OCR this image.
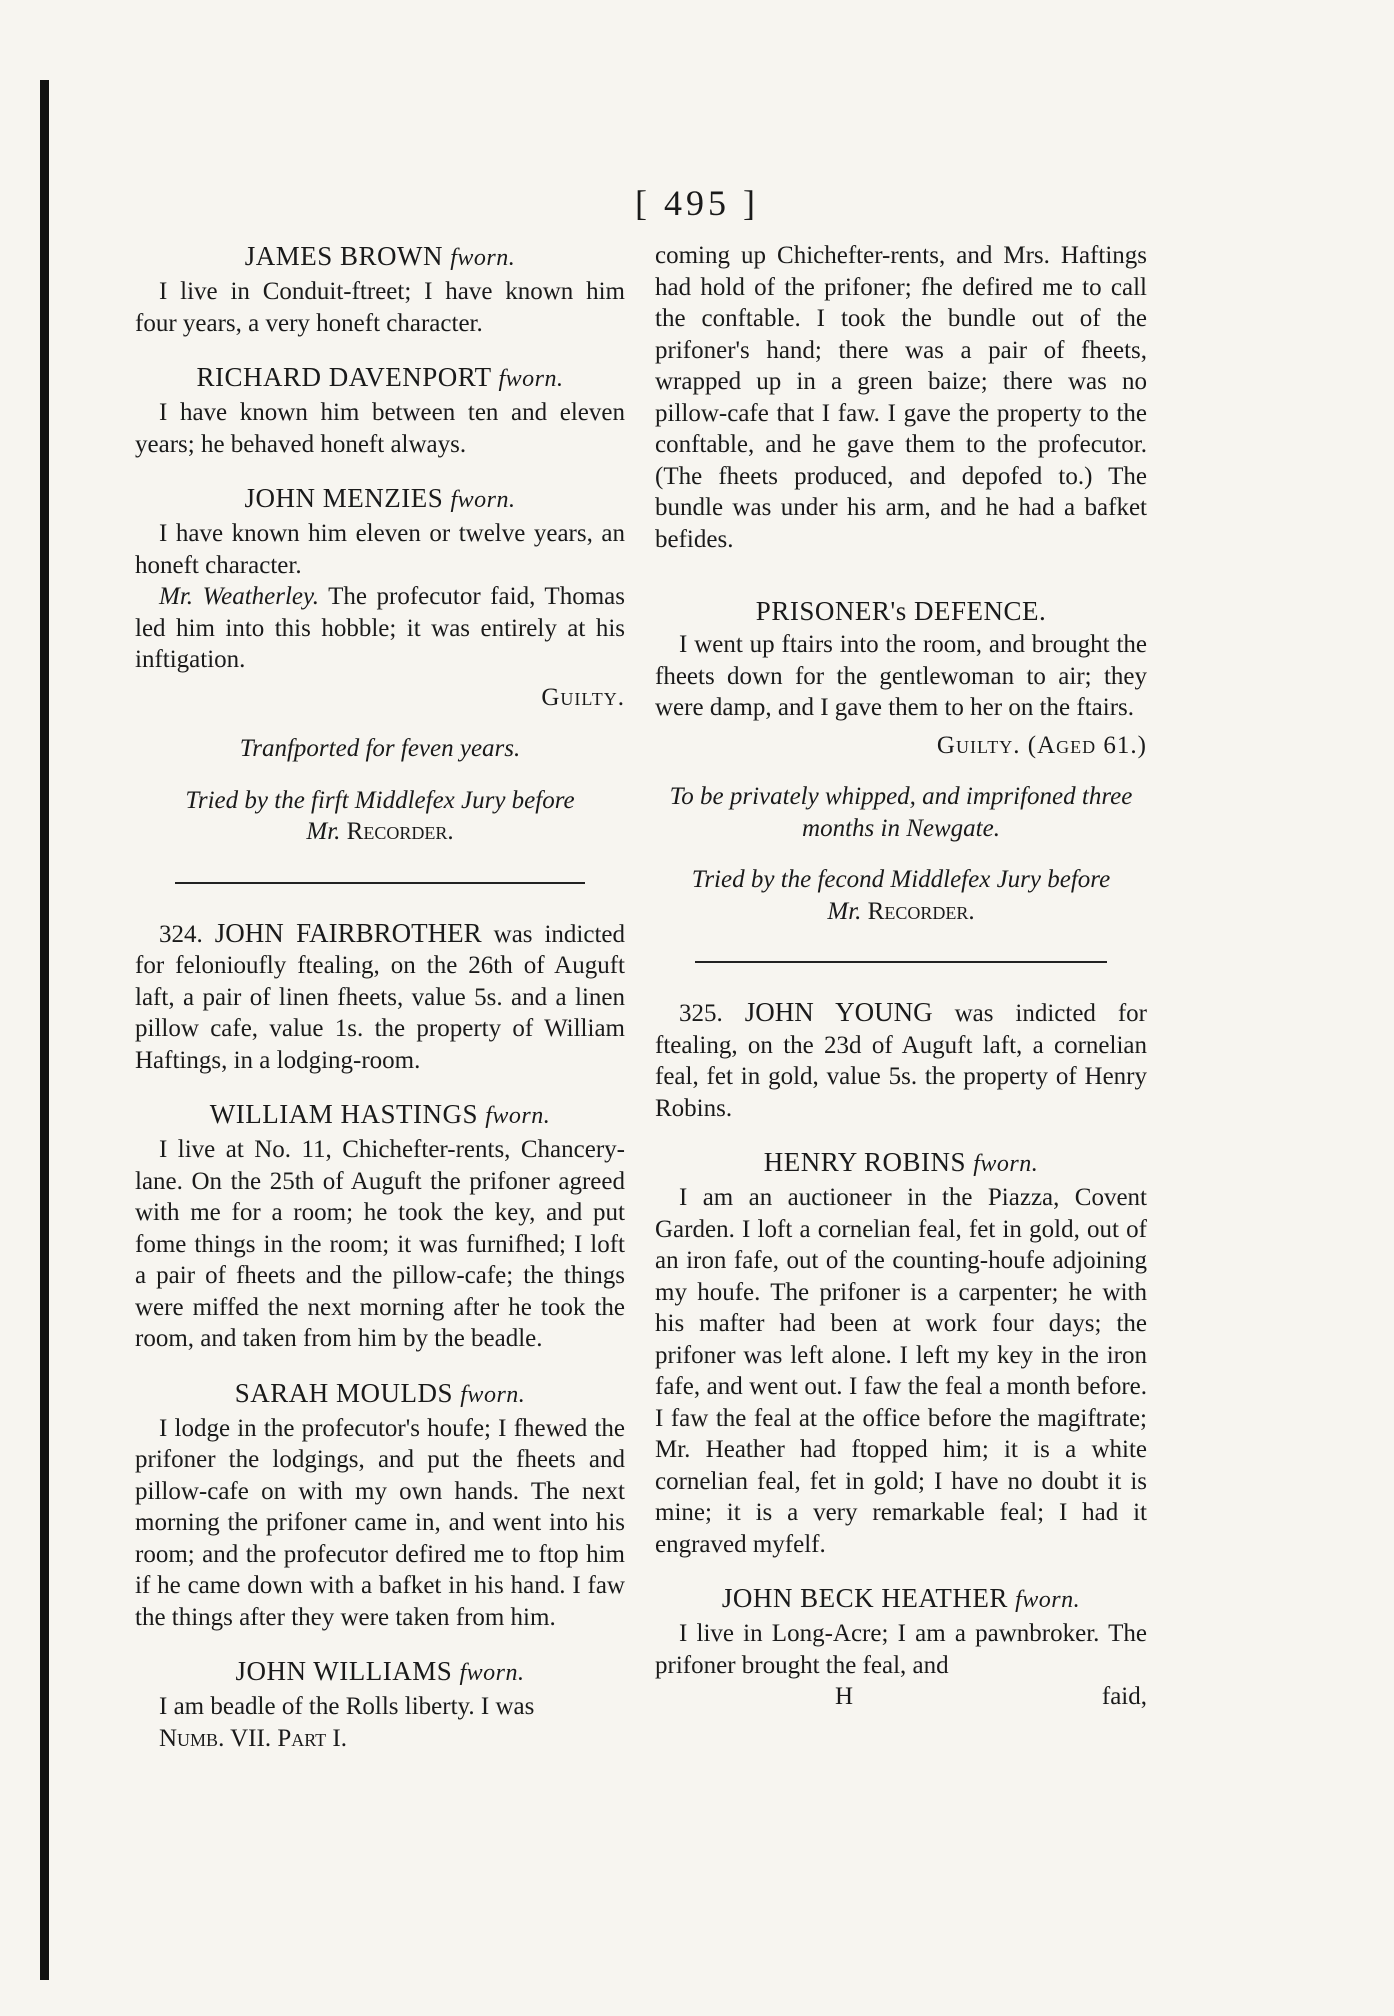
[ 495 ]
JAMES BROWN fworn.

I live in Conduit-ftreet; I have known him four years, a very honeft character.

RICHARD DAVENPORT fworn.

I have known him between ten and eleven years; he behaved honeft always.

JOHN MENZIES fworn.

I have known him eleven or twelve years, an honeft character.

Mr. Weatherley. The profecutor faid, Thomas led him into this hobble; it was entirely at his inftigation.

Guilty.
Tranfported for feven years.
Tried by the firft Middlefex Jury before
Mr. Recorder.

324. JOHN FAIRBROTHER was indicted for felonioufly ftealing, on the 26th of Auguft laft, a pair of linen fheets, value 5s. and a linen pillow cafe, value 1s. the property of William Haftings, in a lodging-room.

WILLIAM HASTINGS fworn.

I live at No. 11, Chichefter-rents, Chancery-lane. On the 25th of Auguft the prifoner agreed with me for a room; he took the key, and put fome things in the room; it was furnifhed; I loft a pair of fheets and the pillow-cafe; the things were miffed the next morning after he took the room, and taken from him by the beadle.

SARAH MOULDS fworn.

I lodge in the profecutor's houfe; I fhewed the prifoner the lodgings, and put the fheets and pillow-cafe on with my own hands. The next morning the prifoner came in, and went into his room; and the profecutor defired me to ftop him if he came down with a bafket in his hand. I faw the things after they were taken from him.

JOHN WILLIAMS fworn.

I am beadle of the Rolls liberty. I was

Numb. VII. Part I.

coming up Chichefter-rents, and Mrs. Haftings had hold of the prifoner; fhe defired me to call the conftable. I took the bundle out of the prifoner's hand; there was a pair of fheets, wrapped up in a green baize; there was no pillow-cafe that I faw. I gave the property to the conftable, and he gave them to the profecutor. (The fheets produced, and depofed to.) The bundle was under his arm, and he had a bafket befides.

PRISONER's DEFENCE.

I went up ftairs into the room, and brought the fheets down for the gentlewoman to air; they were damp, and I gave them to her on the ftairs.

Guilty. (Aged 61.)
To be privately whipped, and imprifoned three months in Newgate.
Tried by the fecond Middlefex Jury before
Mr. Recorder.

325. JOHN YOUNG was indicted for ftealing, on the 23d of Auguft laft, a cornelian feal, fet in gold, value 5s. the property of Henry Robins.

HENRY ROBINS fworn.

I am an auctioneer in the Piazza, Covent Garden. I loft a cornelian feal, fet in gold, out of an iron fafe, out of the counting-houfe adjoining my houfe. The prifoner is a carpenter; he with his mafter had been at work four days; the prifoner was left alone. I left my key in the iron fafe, and went out. I faw the feal a month before. I faw the feal at the office before the magiftrate; Mr. Heather had ftopped him; it is a white cornelian feal, fet in gold; I have no doubt it is mine; it is a very remarkable feal; I had it engraved myfelf.

JOHN BECK HEATHER fworn.

I live in Long-Acre; I am a pawnbroker. The prifoner brought the feal, and

H	faid,
